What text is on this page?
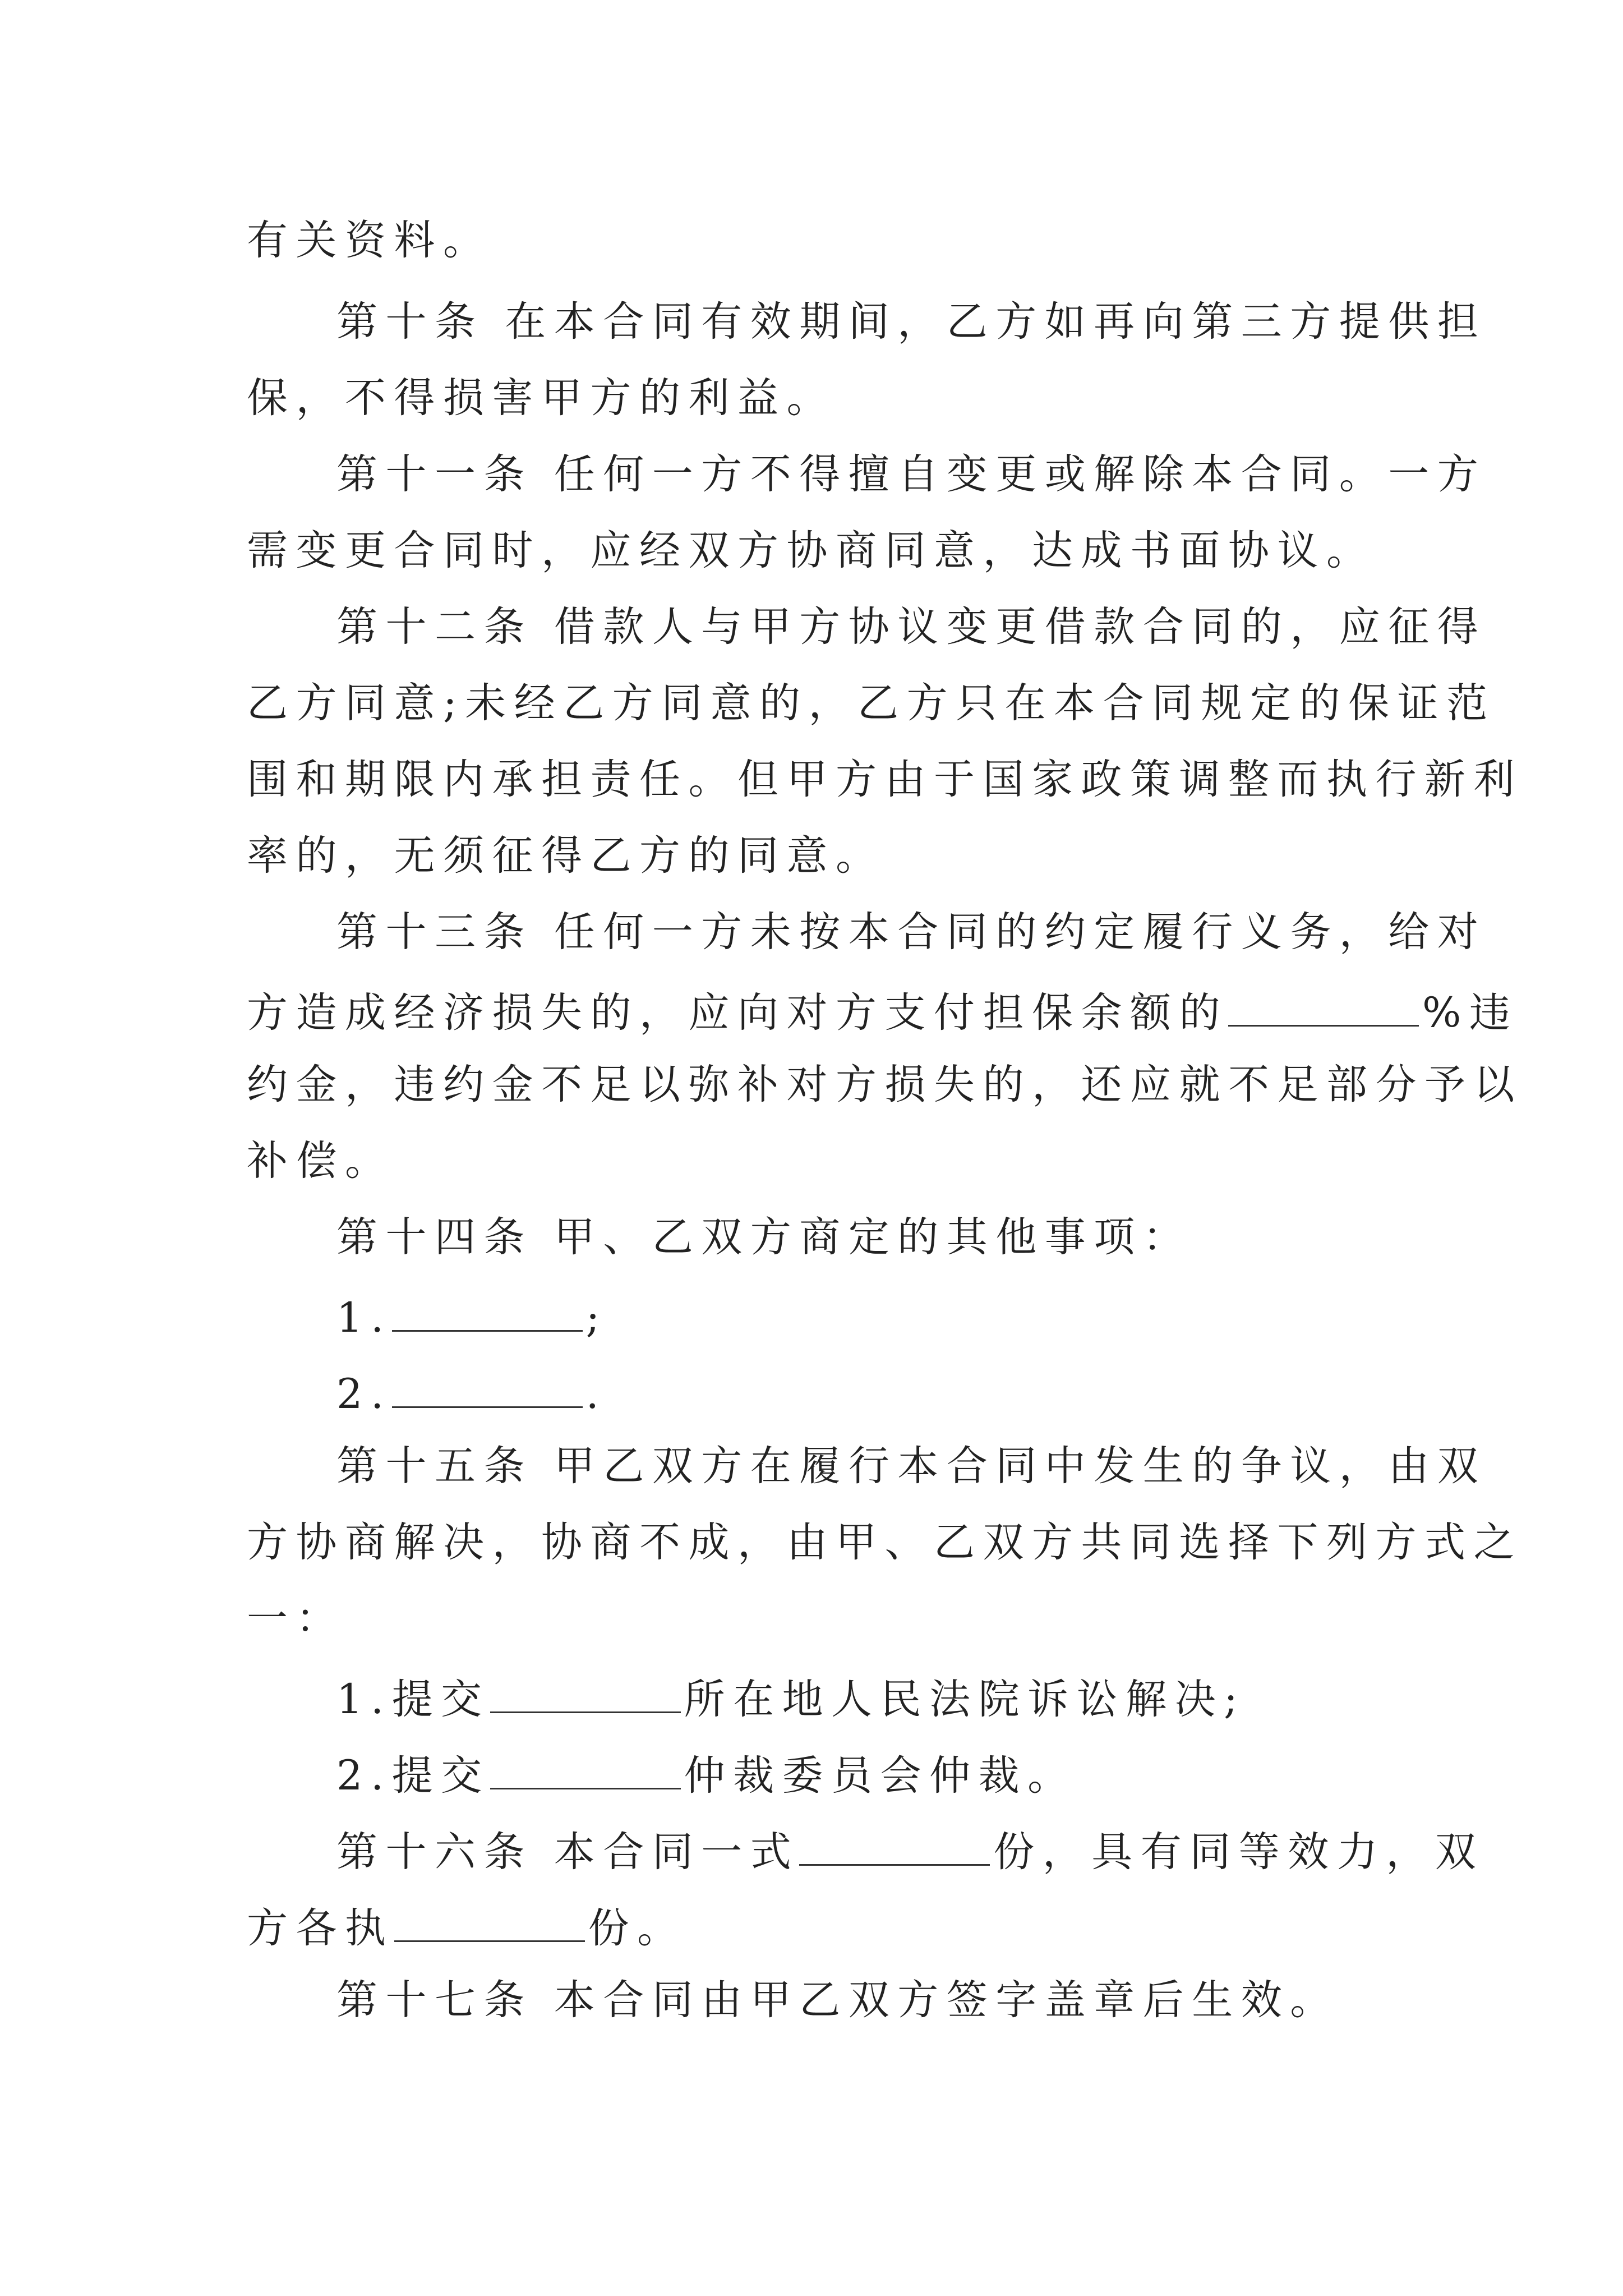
有关资料。
第十条 在本合同有效期间，乙方如再向第三方提供担
保，不得损害甲方的利益。
第十一条 任何一方不得擅自变更或解除本合同。一方
需变更合同时，应经双方协商同意，达成书面协议。
第十二条 借款人与甲方协议变更借款合同的，应征得
乙方同意;未经乙方同意的，乙方只在本合同规定的保证范
围和期限内承担责任。但甲方由于国家政策调整而执行新利
率的，无须征得乙方的同意。
第十三条 任何一方未按本合同的约定履行义务，给对
方造成经济损失的，应向对方支付担保余额的	%违
约金，违约金不足以弥补对方损失的，还应就不足部分予以
补偿。
第十四条 甲、乙双方商定的其他事项：
1.	;
2.	.
第十五条 甲乙双方在履行本合同中发生的争议，由双
方协商解决，协商不成，由甲、乙双方共同选择下列方式之
一：
1.提交	所在地人民法院诉讼解决;
2.提交	仲裁委员会仲裁。
第十六条 本合同一式	份，具有同等效力，双
方各执	份。
第十七条 本合同由甲乙双方签字盖章后生效。
